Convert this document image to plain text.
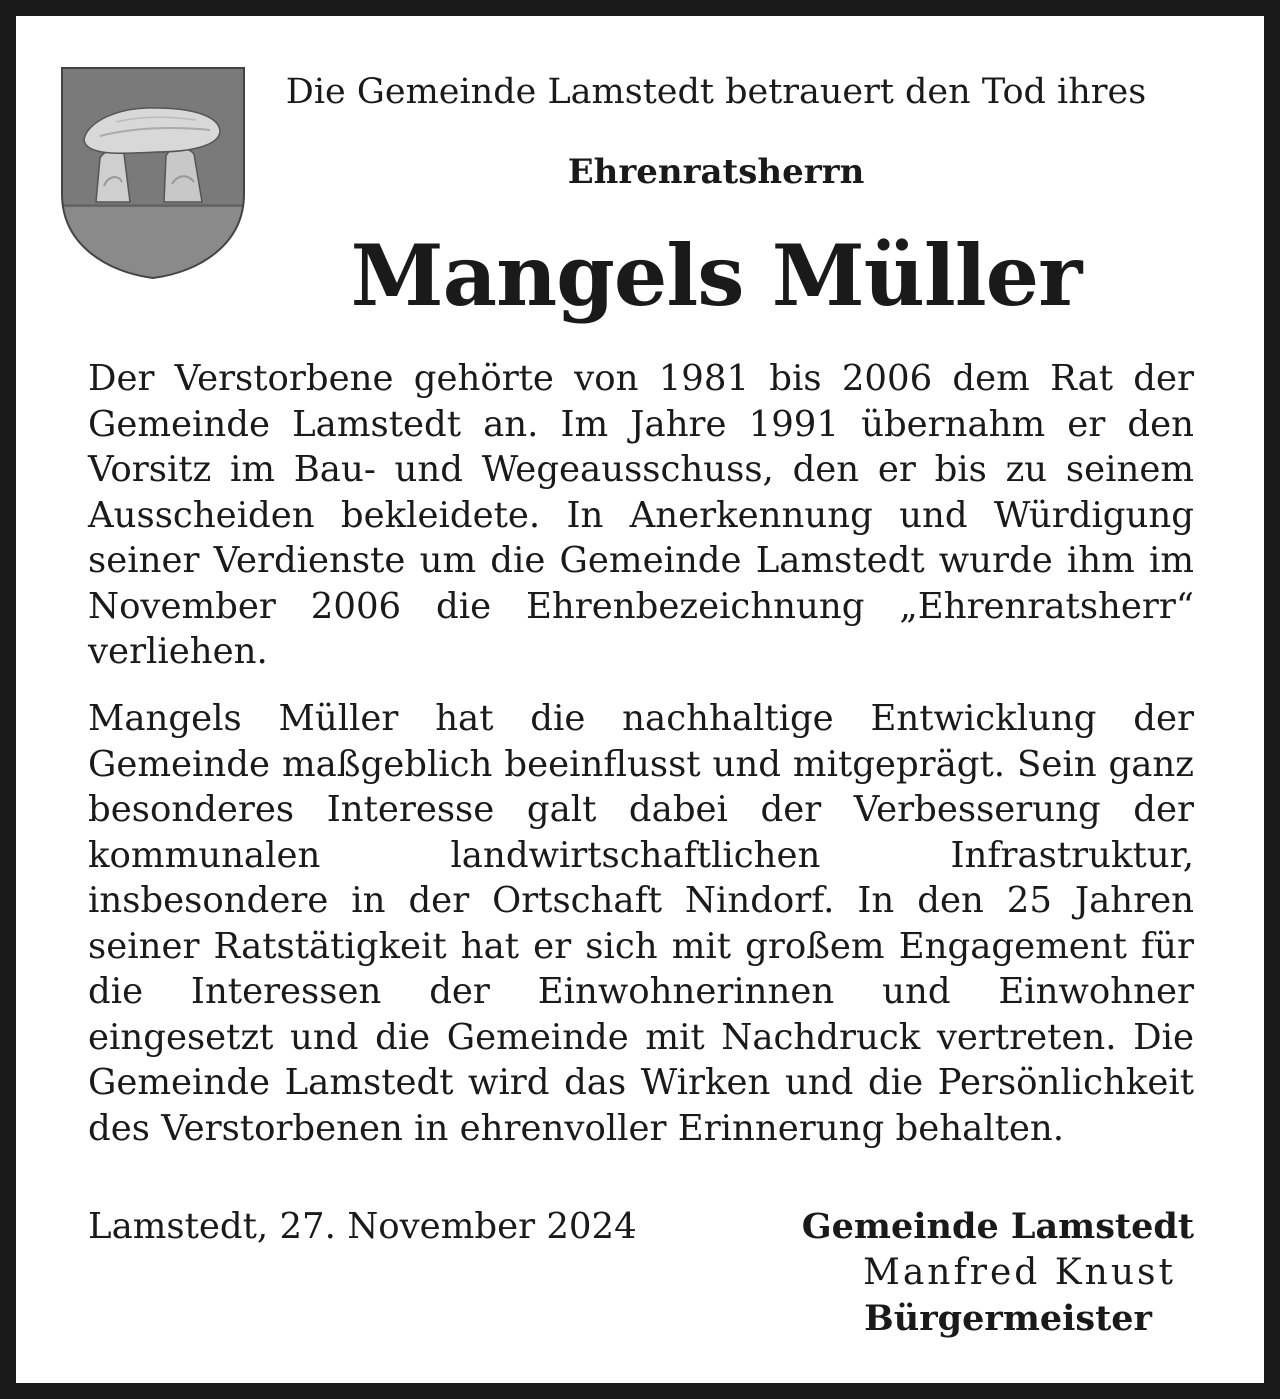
Die Gemeinde Lamstedt betrauert den Tod ihres
Ehrenratsherrn
Mangels Müller

Der Verstorbene gehörte von 1981 bis 2006 dem Rat der Gemeinde Lamstedt an. Im Jahre 1991 übernahm er den Vorsitz im Bau- und Wegeausschuss, den er bis zu seinem Ausscheiden bekleidete. In Anerkennung und Würdigung seiner Verdienste um die Gemeinde Lamstedt wurde ihm im November 2006 die Ehrenbezeichnung „Ehrenratsherr“ verliehen.

Mangels Müller hat die nachhaltige Entwicklung der Gemeinde maßgeblich beeinflusst und mitgeprägt. Sein ganz besonderes Interesse galt dabei der Verbesserung der kommunalen landwirtschaftlichen Infrastruktur, insbesondere in der Ortschaft Nindorf. In den 25 Jahren seiner Ratstätigkeit hat er sich mit großem Engagement für die Interessen der Einwohnerinnen und Einwohner eingesetzt und die Gemeinde mit Nachdruck vertreten. Die Gemeinde Lamstedt wird das Wirken und die Persönlichkeit des Verstorbenen in ehrenvoller Erinnerung behalten.

Lamstedt, 27. November 2024	Gemeinde Lamstedt
Manfred Knust
Bürgermeister
